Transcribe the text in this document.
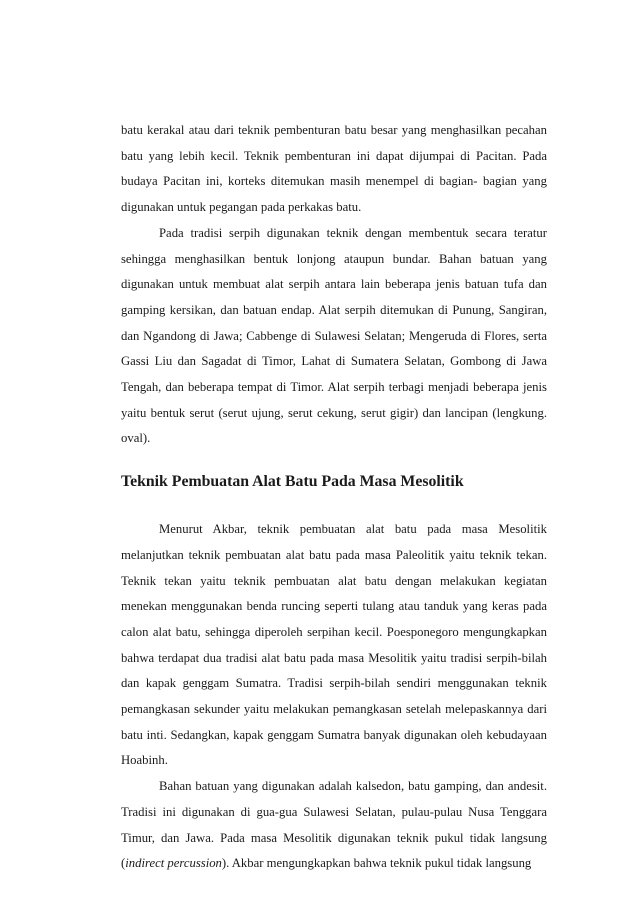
batu kerakal atau dari teknik pembenturan batu besar yang menghasilkan pecahan batu yang lebih kecil. Teknik pembenturan ini dapat dijumpai di Pacitan. Pada budaya Pacitan ini, korteks ditemukan masih menempel di bagian- bagian yang digunakan untuk pegangan pada perkakas batu.

Pada tradisi serpih digunakan teknik dengan membentuk secara teratur sehingga menghasilkan bentuk lonjong ataupun bundar. Bahan batuan yang digunakan untuk membuat alat serpih antara lain beberapa jenis batuan tufa dan gamping kersikan, dan batuan endap. Alat serpih ditemukan di Punung, Sangiran, dan Ngandong di Jawa; Cabbenge di Sulawesi Selatan; Mengeruda di Flores, serta Gassi Liu dan Sagadat di Timor, Lahat di Sumatera Selatan, Gombong di Jawa Tengah, dan beberapa tempat di Timor. Alat serpih terbagi menjadi beberapa jenis yaitu bentuk serut (serut ujung, serut cekung, serut gigir) dan lancipan (lengkung. oval).

Teknik Pembuatan Alat Batu Pada Masa Mesolitik

Menurut Akbar, teknik pembuatan alat batu pada masa Mesolitik melanjutkan teknik pembuatan alat batu pada masa Paleolitik yaitu teknik tekan. Teknik tekan yaitu teknik pembuatan alat batu dengan melakukan kegiatan menekan menggunakan benda runcing seperti tulang atau tanduk yang keras pada calon alat batu, sehingga diperoleh serpihan kecil. Poesponegoro mengungkapkan bahwa terdapat dua tradisi alat batu pada masa Mesolitik yaitu tradisi serpih-bilah dan kapak genggam Sumatra. Tradisi serpih-bilah sendiri menggunakan teknik pemangkasan sekunder yaitu melakukan pemangkasan setelah melepaskannya dari batu inti. Sedangkan, kapak genggam Sumatra banyak digunakan oleh kebudayaan Hoabinh.

Bahan batuan yang digunakan adalah kalsedon, batu gamping, dan andesit. Tradisi ini digunakan di gua-gua Sulawesi Selatan, pulau-pulau Nusa Tenggara Timur, dan Jawa. Pada masa Mesolitik digunakan teknik pukul tidak langsung (indirect percussion). Akbar mengungkapkan bahwa teknik pukul tidak langsung
